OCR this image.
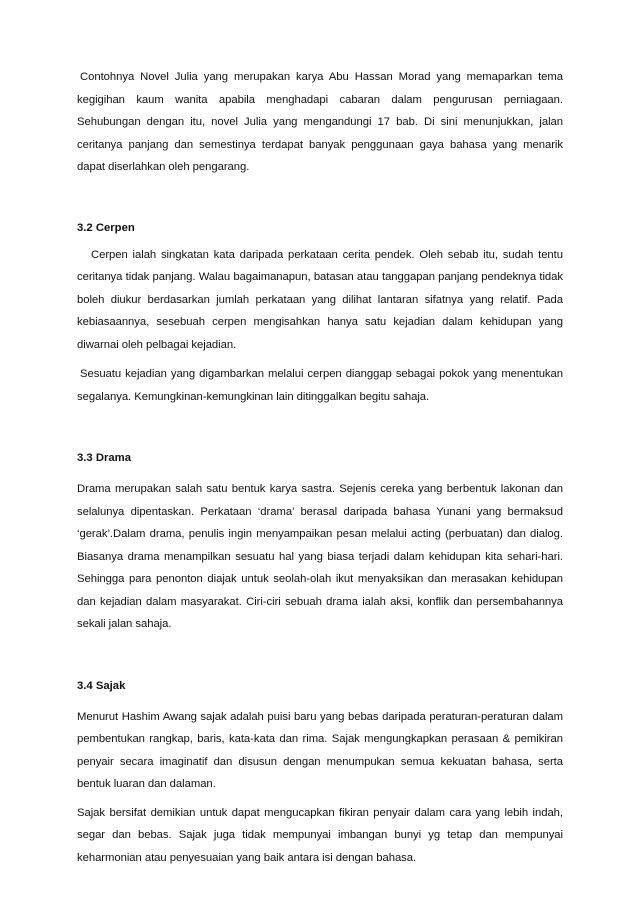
Contohnya Novel Julia yang merupakan karya Abu Hassan Morad yang memaparkan tema kegigihan kaum wanita apabila menghadapi cabaran dalam pengurusan perniagaan. Sehubungan dengan itu, novel Julia yang mengandungi 17 bab. Di sini menunjukkan, jalan ceritanya panjang dan semestinya terdapat banyak penggunaan gaya bahasa yang menarik dapat diserlahkan oleh pengarang.

3.2 Cerpen

Cerpen ialah singkatan kata daripada perkataan cerita pendek. Oleh sebab itu, sudah tentu ceritanya tidak panjang. Walau bagaimanapun, batasan atau tanggapan panjang pendeknya tidak boleh diukur berdasarkan jumlah perkataan yang dilihat lantaran sifatnya yang relatif. Pada kebiasaannya, sesebuah cerpen mengisahkan hanya satu kejadian dalam kehidupan yang diwarnai oleh pelbagai kejadian.

Sesuatu kejadian yang digambarkan melalui cerpen dianggap sebagai pokok yang menentukan segalanya. Kemungkinan-kemungkinan lain ditinggalkan begitu sahaja.

3.3 Drama

Drama merupakan salah satu bentuk karya sastra. Sejenis cereka yang berbentuk lakonan dan selalunya dipentaskan. Perkataan ‘drama’ berasal daripada bahasa Yunani yang bermaksud ‘gerak’.Dalam drama, penulis ingin menyampaikan pesan melalui acting (perbuatan) dan dialog. Biasanya drama menampilkan sesuatu hal yang biasa terjadi dalam kehidupan kita sehari-hari. Sehingga para penonton diajak untuk seolah-olah ikut menyaksikan dan merasakan kehidupan dan kejadian dalam masyarakat. Ciri-ciri sebuah drama ialah aksi, konflik dan persembahannya sekali jalan sahaja.

3.4 Sajak

Menurut Hashim Awang sajak adalah puisi baru yang bebas daripada peraturan-peraturan dalam pembentukan rangkap, baris, kata-kata dan rima. Sajak mengungkapkan perasaan & pemikiran penyair secara imaginatif dan disusun dengan menumpukan semua kekuatan bahasa, serta bentuk luaran dan dalaman.

Sajak bersifat demikian untuk dapat mengucapkan fikiran penyair dalam cara yang lebih indah, segar dan bebas. Sajak juga tidak mempunyai imbangan bunyi yg tetap dan mempunyai keharmonian atau penyesuaian yang baik antara isi dengan bahasa.
